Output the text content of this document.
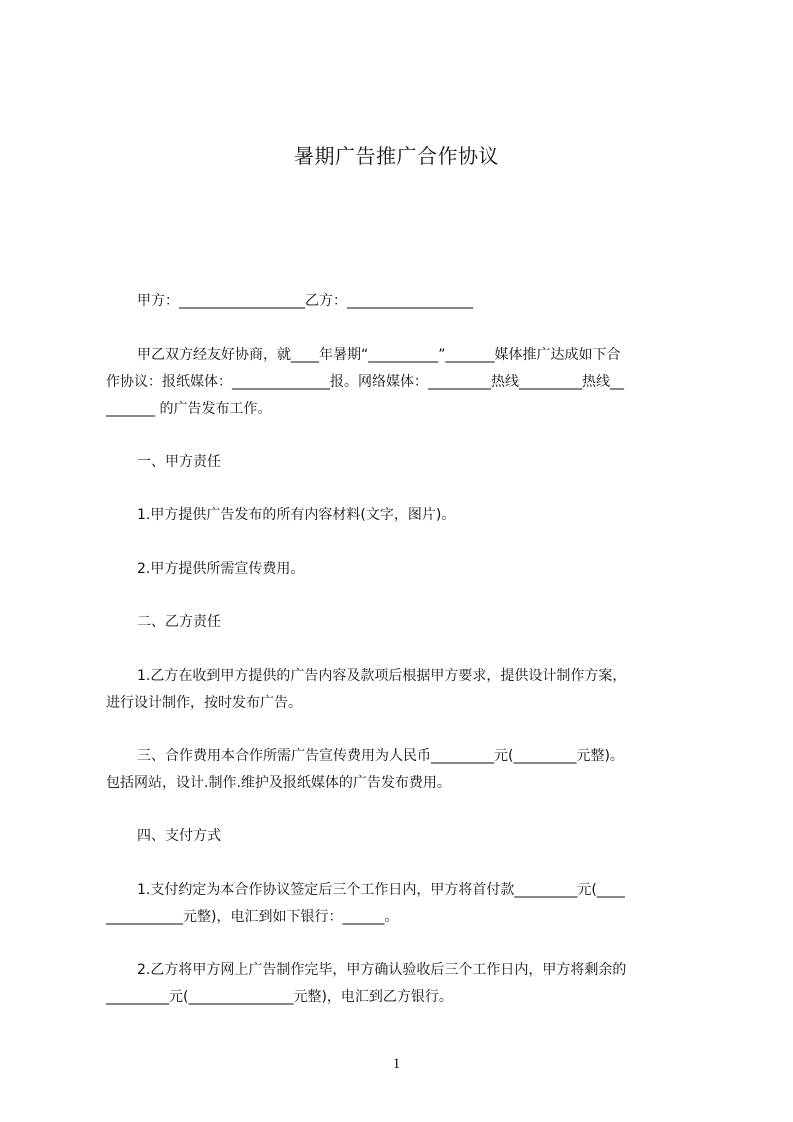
暑期广告推广合作协议
甲方：__________________乙方：__________________
甲乙双方经友好协商，就____年暑期“__________”_______媒体推广达成如下合
作协议：报纸媒体：______________报。网络媒体：_________热线_________热线__
_______ 的广告发布工作。
一、甲方责任
1.甲方提供广告发布的所有内容材料(文字，图片)。
2.甲方提供所需宣传费用。
二、乙方责任
1.乙方在收到甲方提供的广告内容及款项后根据甲方要求，提供设计制作方案，
进行设计制作，按时发布广告。
三、合作费用本合作所需广告宣传费用为人民币_________元(_________元整)。
包括网站，设计.制作.维护及报纸媒体的广告发布费用。
四、支付方式
1.支付约定为本合作协议签定后三个工作日内，甲方将首付款_________元(____
___________元整)，电汇到如下银行：______。
2.乙方将甲方网上广告制作完毕，甲方确认验收后三个工作日内，甲方将剩余的
_________元(_______________元整)，电汇到乙方银行。
1
